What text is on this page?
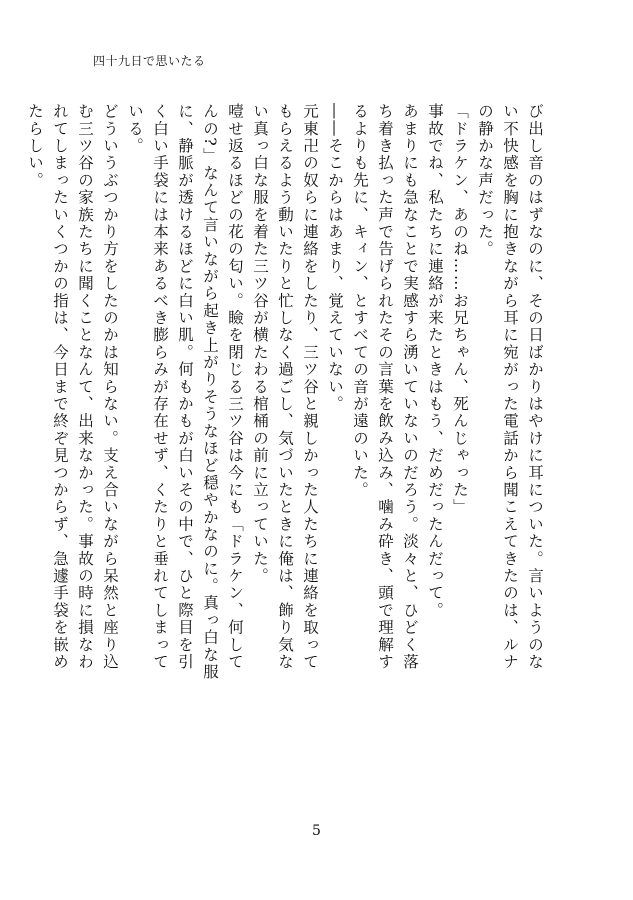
四十九日で思いたる

び出し音のはずなのに、その日ばかりはやけに耳についた。言いようのない不快感を胸に抱きながら耳に宛がった電話から聞こえてきたのは、ルナの静かな声だった。

「ドラケン、あのね……お兄ちゃん、死んじゃった」

事故でね、私たちに連絡が来たときはもう、だめだったんだって。

あまりにも急なことで実感すら湧いていないのだろう。淡々と、ひどく落ち着き払った声で告げられたその言葉を飲み込み、噛み砕き、頭で理解するよりも先に、キィン、とすべての音が遠のいた。

――そこからはあまり、覚えていない。

元東卍の奴らに連絡をしたり、三ツ谷と親しかった人たちに連絡を取ってもらえるよう動いたりと忙しなく過ごし、気づいたときに俺は、飾り気ない真っ白な服を着た三ツ谷が横たわる棺桶の前に立っていた。

噎せ返るほどの花の匂い。瞼を閉じる三ツ谷は今にも「ドラケン、何してんの?」なんて言いながら起き上がりそうなほど穏やかなのに。真っ白な服に、静脈が透けるほどに白い肌。何もかもが白いその中で、ひと際目を引く白い手袋には本来あるべき膨らみが存在せず、くたりと垂れてしまっている。

どういうぶつかり方をしたのかは知らない。支え合いながら呆然と座り込む三ツ谷の家族たちに聞くことなんて、出来なかった。事故の時に損なわれてしまったいくつかの指は、今日まで終ぞ見つからず、急遽手袋を嵌めたらしい。

5
